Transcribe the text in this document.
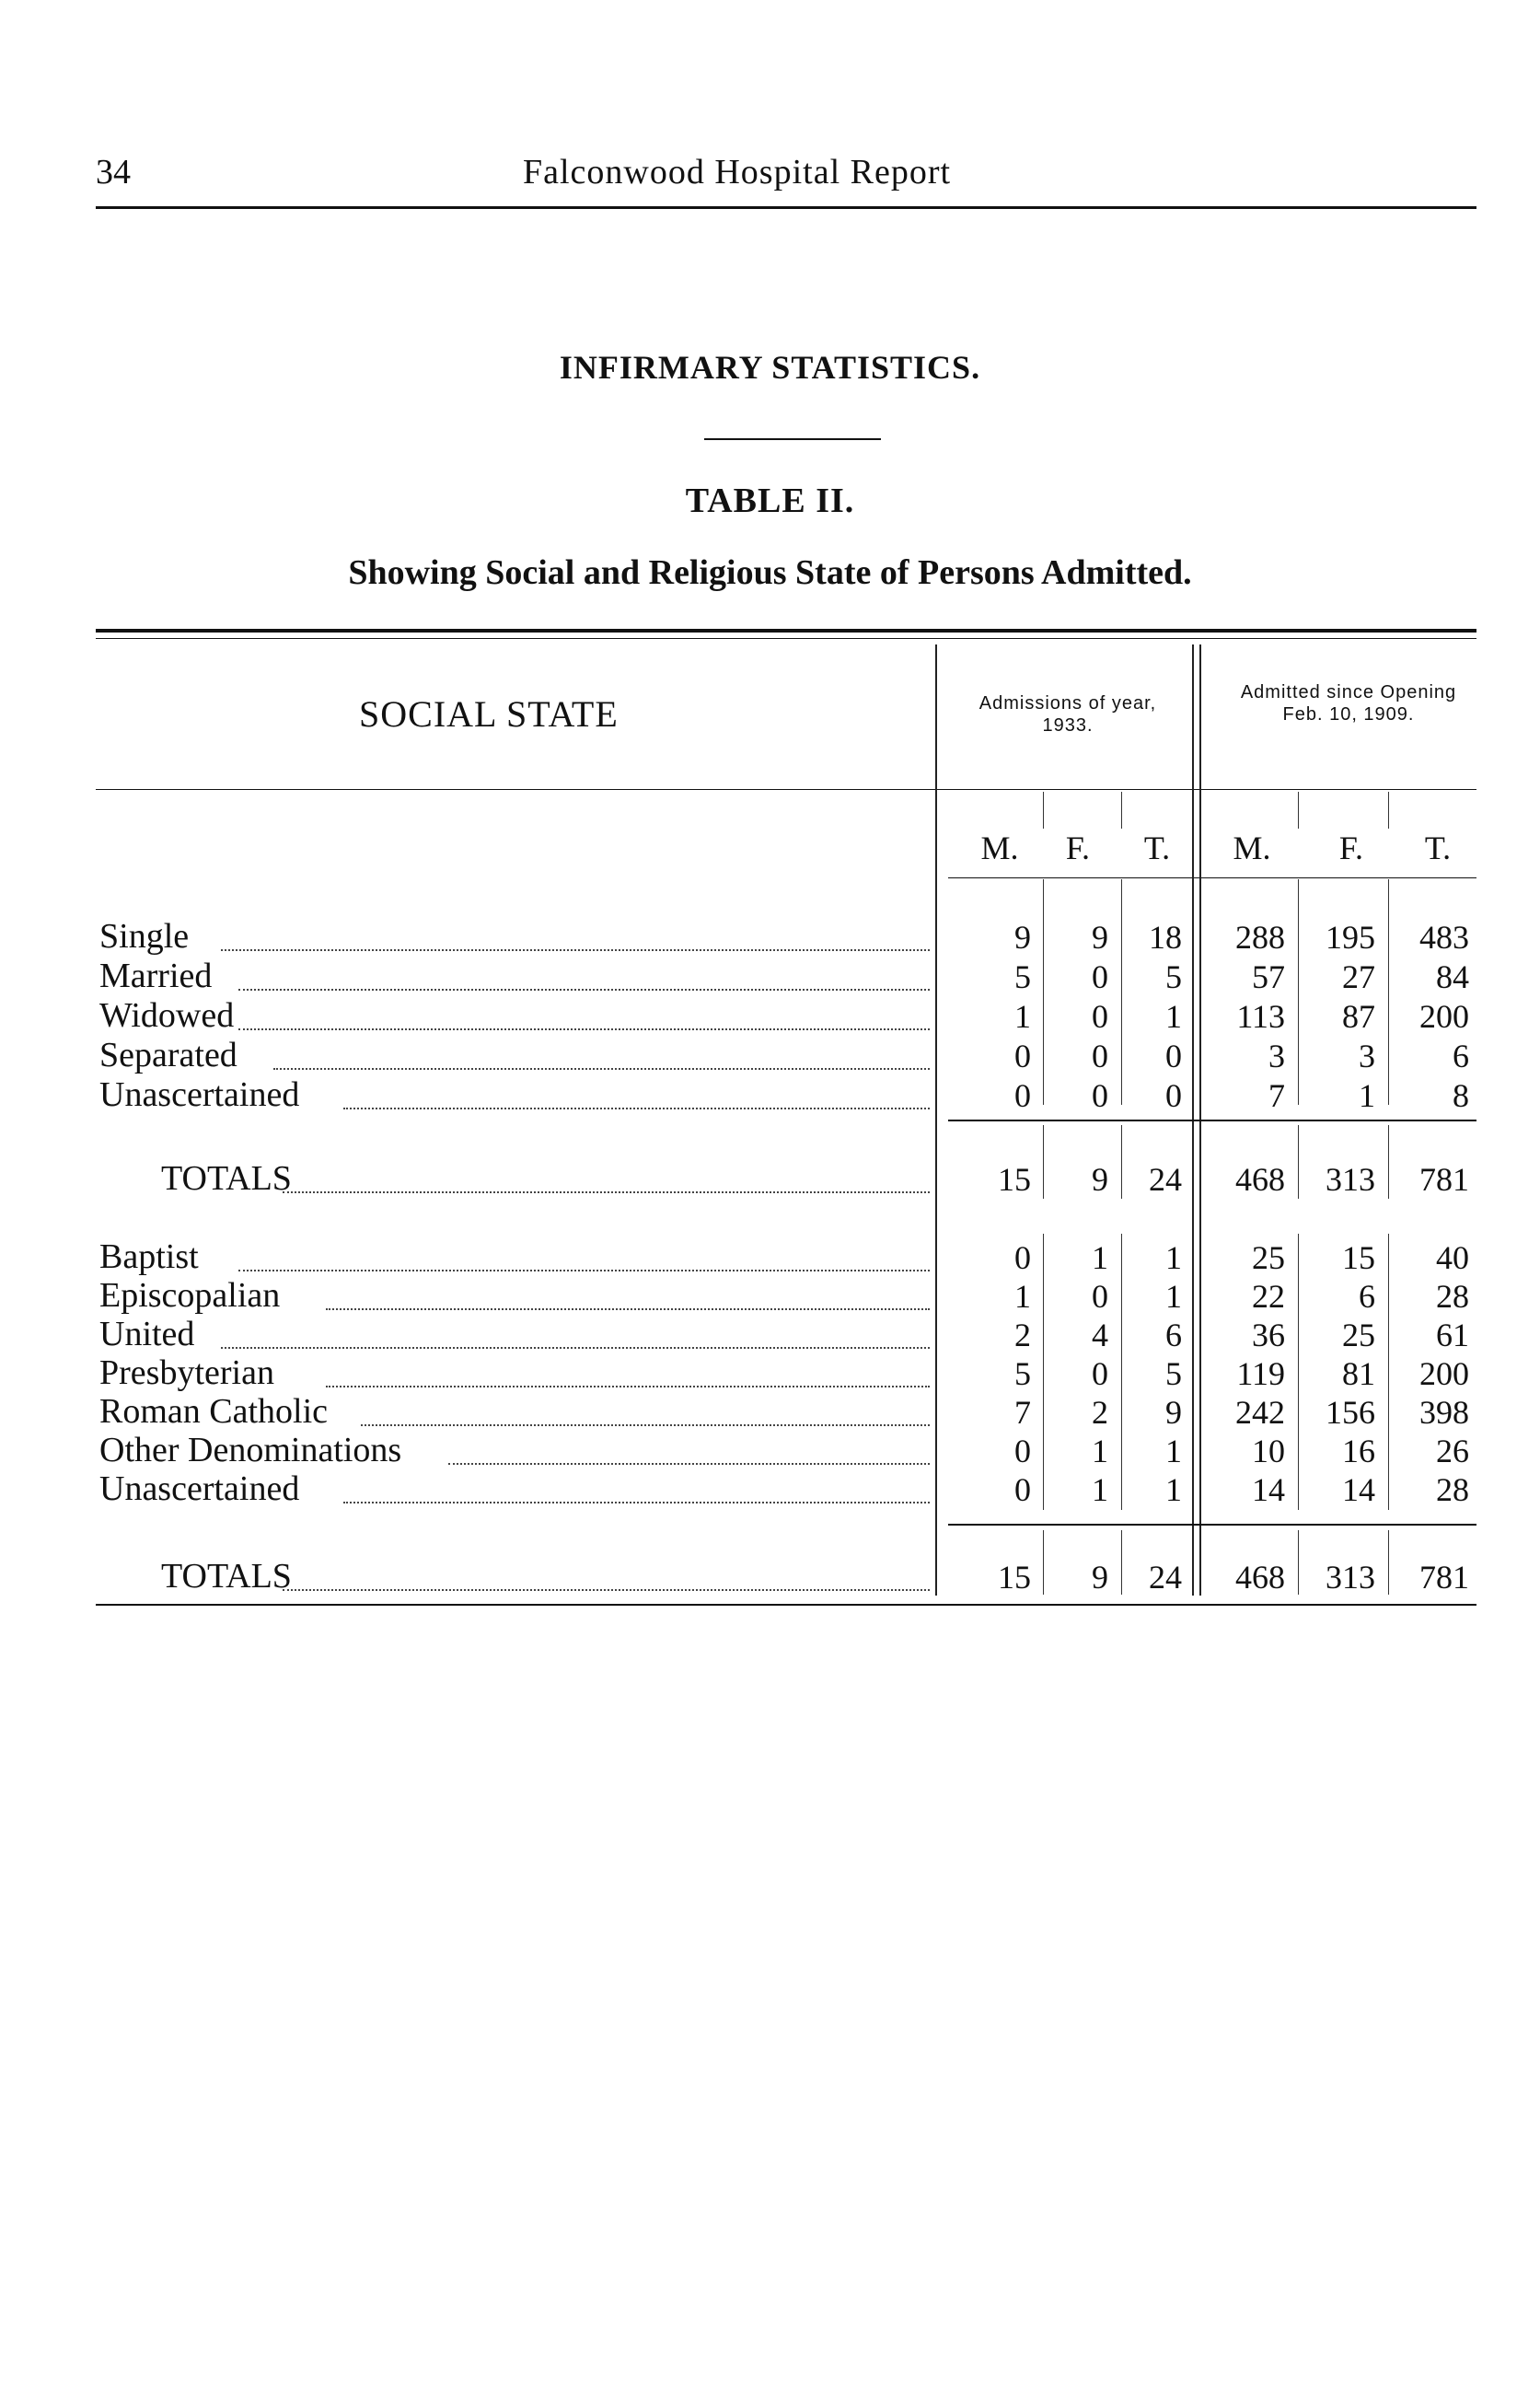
34	Falconwood Hospital Report
INFIRMARY STATISTICS.
TABLE II.
Showing Social and Religious State of Persons Admitted.
SOCIAL STATE	Admissions of year, 1933.
Admitted since Opening Feb. 10, 1909.
M.	F.	T.	M.	F.	T.
Single	9	9	18	288	195	483
Married	5	0	5	57	27	84
Widowed	1	0	1	113	87	200
Separated	0	0	0	3	3	6
Unascertained	0	0	0	7	1	8
TOTALS	15	9	24	468	313	781
Baptist	0	1	1	25	15	40
Episcopalian	1	0	1	22	6	28
United	2	4	6	36	25	61
Presbyterian	5	0	5	119	81	200
Roman Catholic	7	2	9	242	156	398
Other Denominations	0	1	1	10	16	26
Unascertained	0	1	1	14	14	28
TOTALS	15	9	24	468	313	781
